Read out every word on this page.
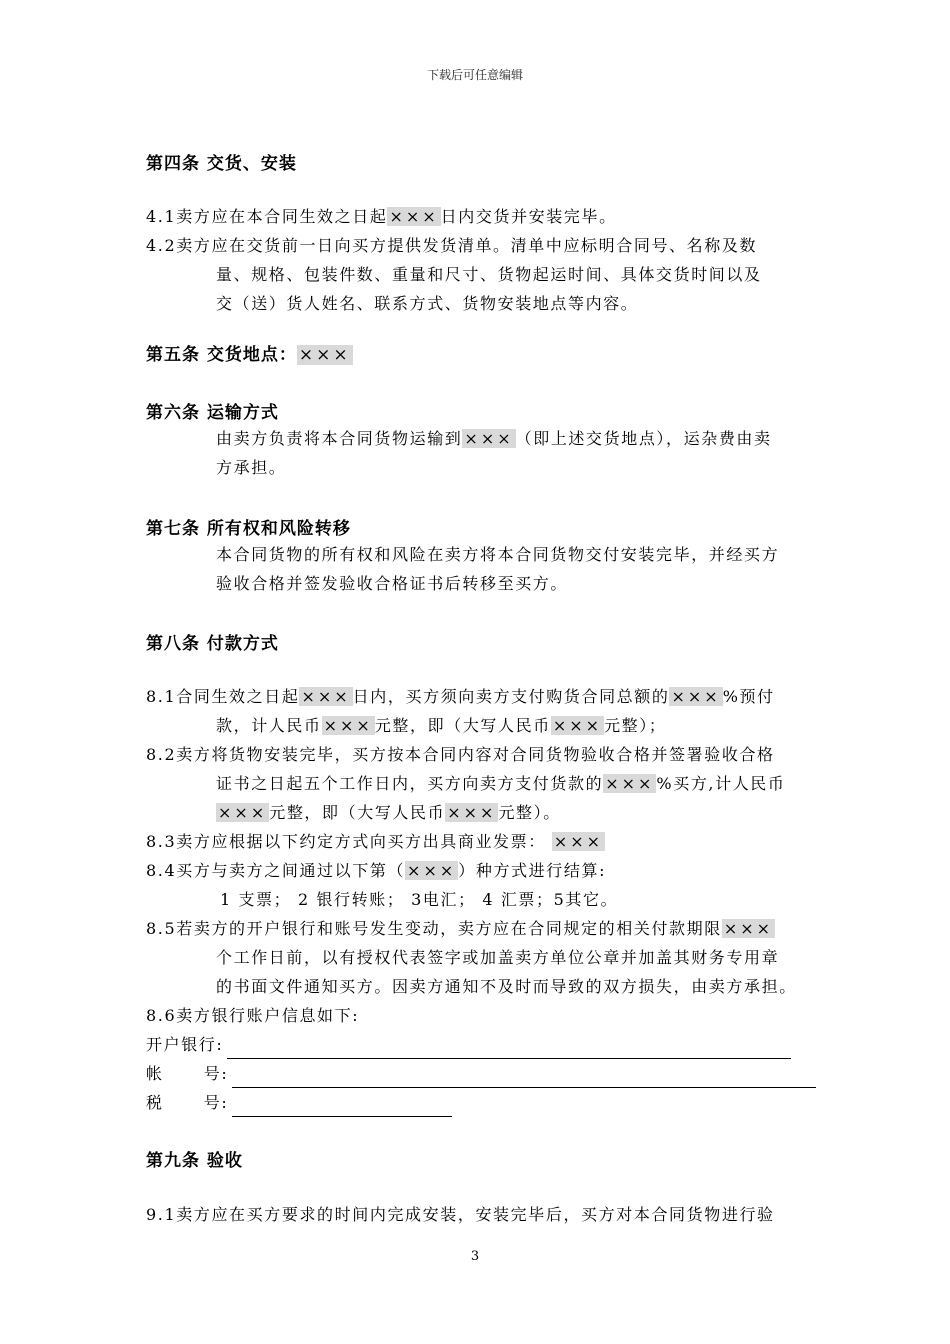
下载后可任意编辑
第四条 交货、安装
4.1卖方应在本合同生效之日起 ××× 日内交货并安装完毕。
4.2卖方应在交货前一日向买方提供发货清单。清单中应标明合同号、名称及数
量、规格、包装件数、重量和尺寸、货物起运时间、具体交货时间以及
交（送）货人姓名、联系方式、货物安装地点等内容。
第五条 交货地点： ×××
第六条 运输方式
由卖方负责将本合同货物运输到 ××× （即上述交货地点），运杂费由卖
方承担。
第七条 所有权和风险转移
本合同货物的所有权和风险在卖方将本合同货物交付安装完毕，并经买方
验收合格并签发验收合格证书后转移至买方。
第八条 付款方式
8.1合同生效之日起 ××× 日内，买方须向卖方支付购货合同总额的 ××× %预付
款，计人民币 ××× 元整，即（大写人民币 ××× 元整）；
8.2卖方将货物安装完毕，买方按本合同内容对合同货物验收合格并签署验收合格
证书之日起五个工作日内，买方向卖方支付货款的 ××× %买方,计人民币
××× 元整，即（大写人民币 ××× 元整）。
8.3卖方应根据以下约定方式向买方出具商业发票： ×××
8.4买方与卖方之间通过以下第（ ××× ）种方式进行结算:
1 支票； 2 银行转账； 3电汇； 4 汇票；5其它。
8.5若卖方的开户银行和账号发生变动，卖方应在合同规定的相关付款期限 ×××
个工作日前，以有授权代表签字或加盖卖方单位公章并加盖其财务专用章
的书面文件通知买方。因卖方通知不及时而导致的双方损失，由卖方承担。
8.6卖方银行账户信息如下:
开户银行:
帐      号:
税      号:
第九条 验收
9.1卖方应在买方要求的时间内完成安装，安装完毕后，买方对本合同货物进行验
3
